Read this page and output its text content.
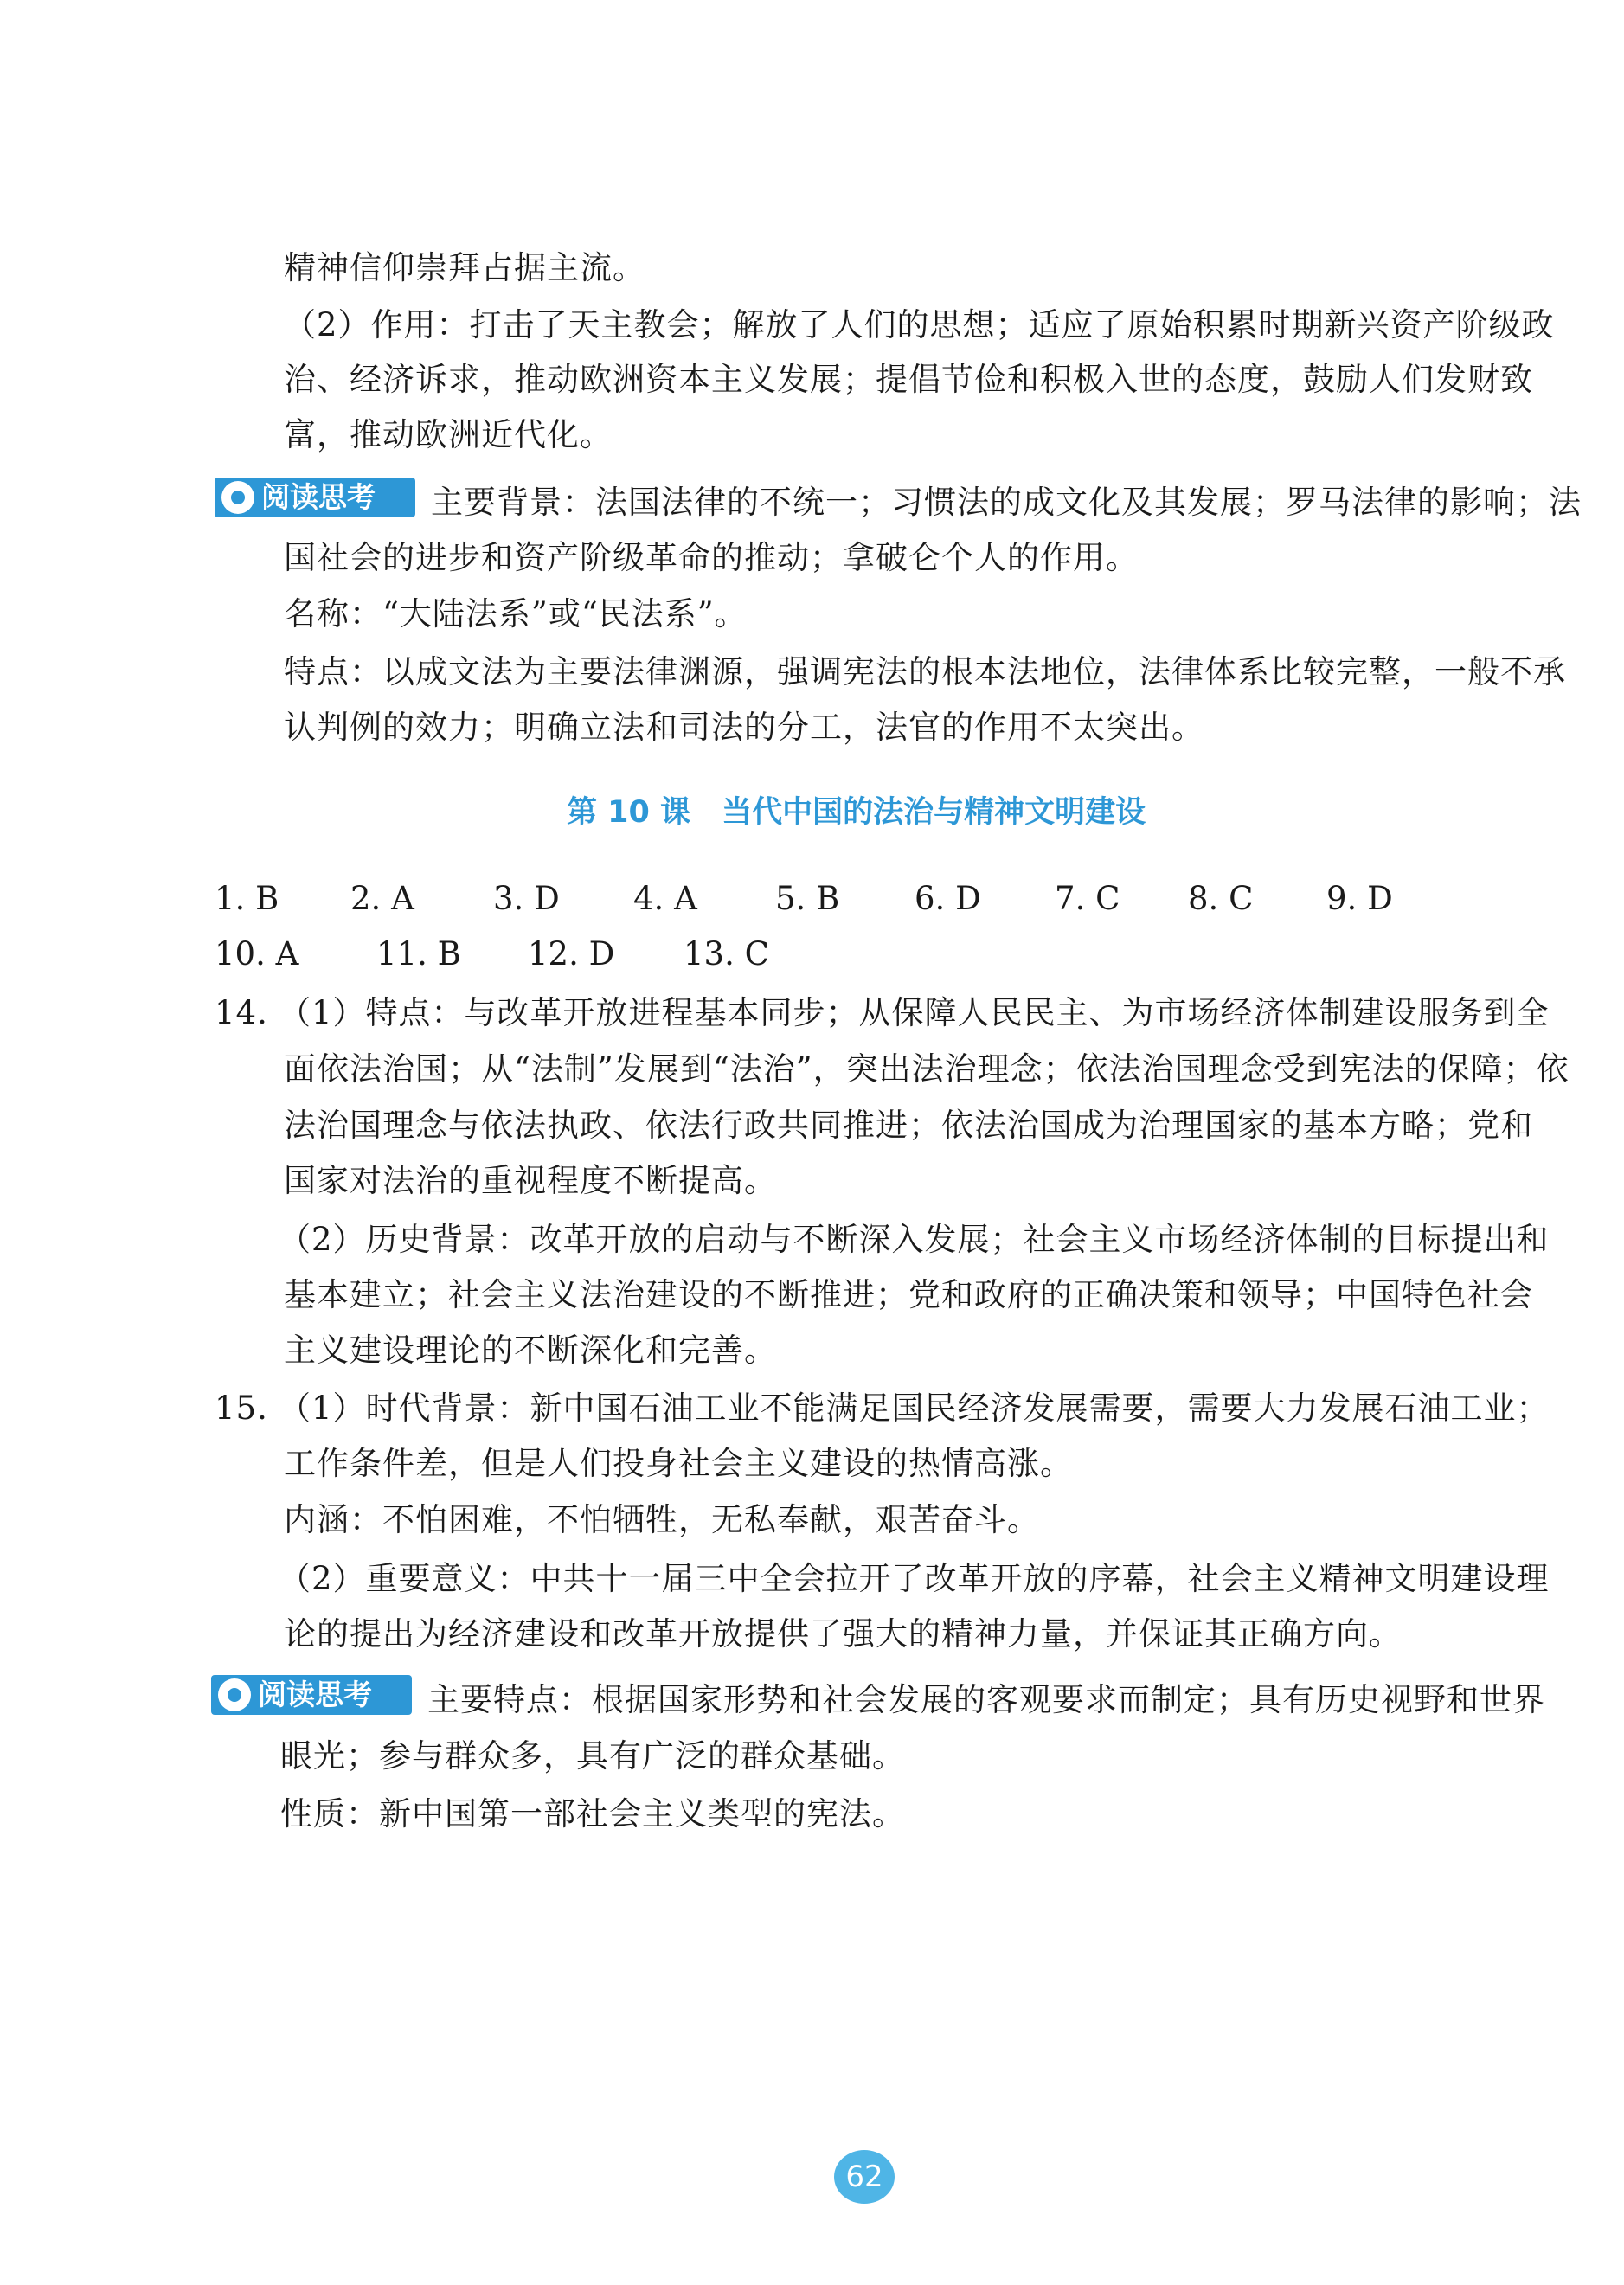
精神信仰崇拜占据主流。
（2）作用：打击了天主教会；解放了人们的思想；适应了原始积累时期新兴资产阶级政
治、经济诉求，推动欧洲资本主义发展；提倡节俭和积极入世的态度，鼓励人们发财致
富，推动欧洲近代化。
阅读思考 主要背景：法国法律的不统一；习惯法的成文化及其发展；罗马法律的影响；法
国社会的进步和资产阶级革命的推动；拿破仑个人的作用。
名称：“大陆法系”或“民法系”。
特点：以成文法为主要法律渊源，强调宪法的根本法地位，法律体系比较完整，一般不承
认判例的效力；明确立法和司法的分工，法官的作用不太突出。
第 10 课 当代中国的法治与精神文明建设
1. B 2. A 3. D 4. A 5. B 6. D 7. C 8. C 9. D
10. A 11. B 12. D 13. C
14. （1）特点：与改革开放进程基本同步；从保障人民民主、为市场经济体制建设服务到全
面依法治国；从“法制”发展到“法治”，突出法治理念；依法治国理念受到宪法的保障；依
法治国理念与依法执政、依法行政共同推进；依法治国成为治理国家的基本方略；党和
国家对法治的重视程度不断提高。
（2）历史背景：改革开放的启动与不断深入发展；社会主义市场经济体制的目标提出和
基本建立；社会主义法治建设的不断推进；党和政府的正确决策和领导；中国特色社会
主义建设理论的不断深化和完善。
15. （1）时代背景：新中国石油工业不能满足国民经济发展需要，需要大力发展石油工业；
工作条件差，但是人们投身社会主义建设的热情高涨。
内涵：不怕困难，不怕牺牲，无私奉献，艰苦奋斗。
（2）重要意义：中共十一届三中全会拉开了改革开放的序幕，社会主义精神文明建设理
论的提出为经济建设和改革开放提供了强大的精神力量，并保证其正确方向。
阅读思考 主要特点：根据国家形势和社会发展的客观要求而制定；具有历史视野和世界
眼光；参与群众多，具有广泛的群众基础。
性质：新中国第一部社会主义类型的宪法。
62
